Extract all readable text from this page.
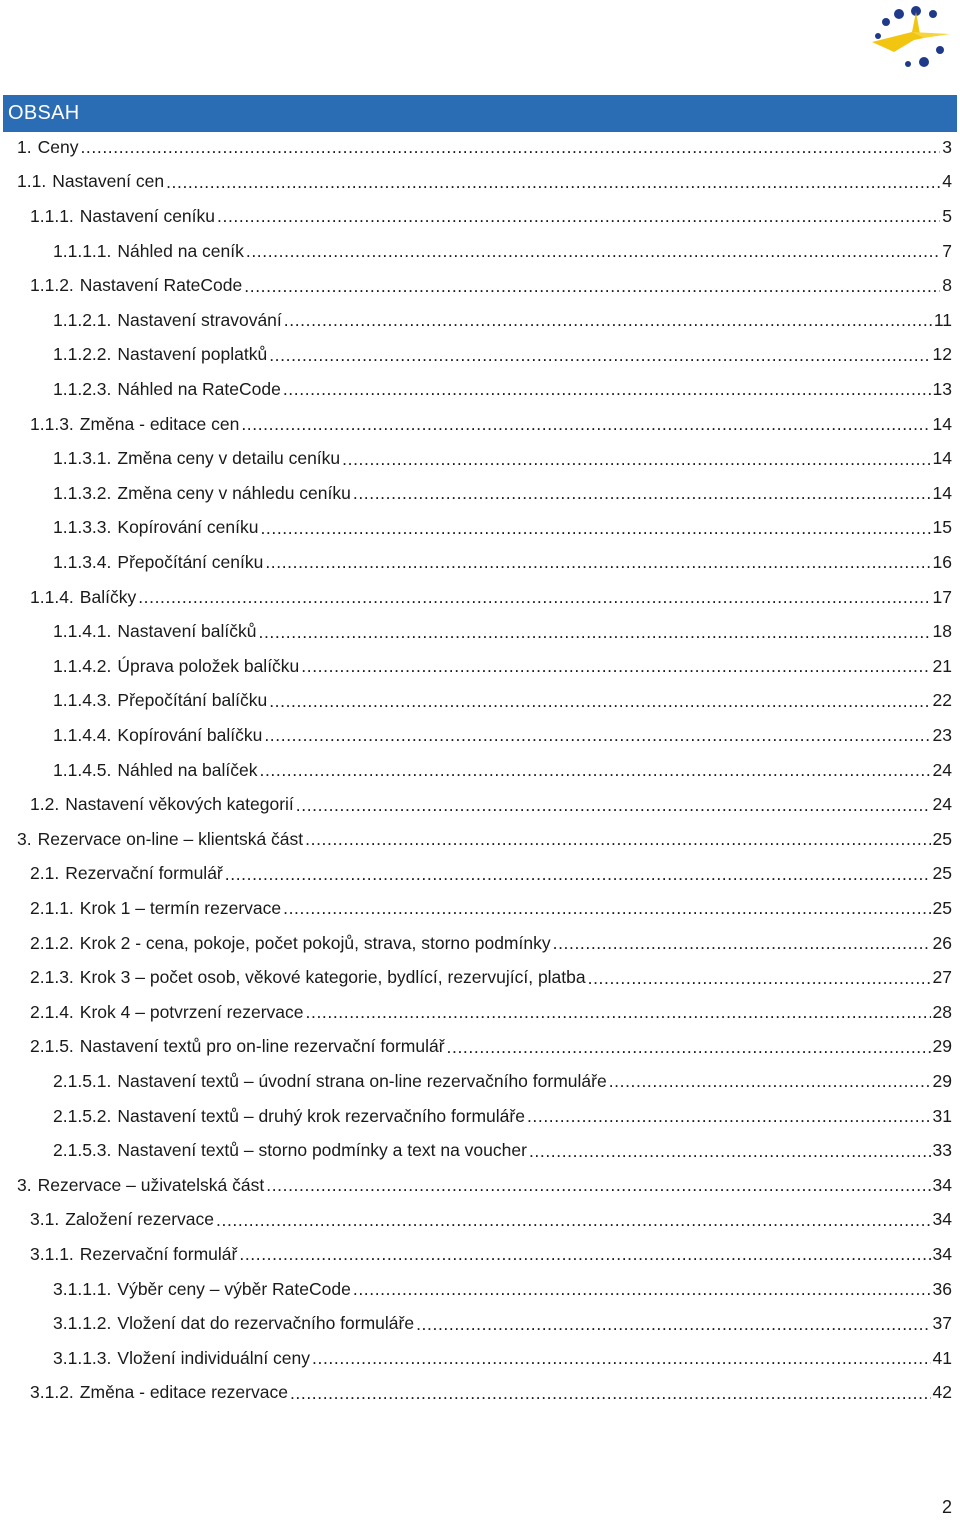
OBSAH
1. Ceny .....	3
1.1. Nastavení cen .....	4
1.1.1. Nastavení ceníku .....	5
1.1.1.1. Náhled na ceník .....	7
1.1.2. Nastavení RateCode .....	8
1.1.2.1. Nastavení stravování .....	11
1.1.2.2. Nastavení poplatků .....	12
1.1.2.3. Náhled na RateCode .....	13
1.1.3. Změna - editace cen .....	14
1.1.3.1. Změna ceny v detailu ceníku .....	14
1.1.3.2. Změna ceny v náhledu ceníku .....	14
1.1.3.3. Kopírování ceníku .....	15
1.1.3.4. Přepočítání ceníku .....	16
1.1.4. Balíčky .....	17
1.1.4.1. Nastavení balíčků .....	18
1.1.4.2. Úprava položek balíčku .....	21
1.1.4.3. Přepočítání balíčku .....	22
1.1.4.4. Kopírování balíčku .....	23
1.1.4.5. Náhled na balíček .....	24
1.2. Nastavení věkových kategorií .....	24
3. Rezervace on-line – klientská část .....	25
2.1. Rezervační formulář .....	25
2.1.1. Krok 1 – termín rezervace .....	25
2.1.2. Krok 2 - cena, pokoje, počet pokojů, strava, storno podmínky .....	26
2.1.3. Krok 3 – počet osob, věkové kategorie, bydlící, rezervující, platba .....	27
2.1.4. Krok 4 – potvrzení rezervace .....	28
2.1.5. Nastavení textů pro on-line rezervační formulář .....	29
2.1.5.1. Nastavení textů – úvodní strana on-line rezervačního formuláře .....	29
2.1.5.2. Nastavení textů – druhý krok rezervačního formuláře .....	31
2.1.5.3. Nastavení textů – storno podmínky a text na voucher .....	33
3. Rezervace – uživatelská část .....	34
3.1. Založení rezervace .....	34
3.1.1. Rezervační formulář .....	34
3.1.1.1. Výběr ceny – výběr RateCode .....	36
3.1.1.2. Vložení dat do rezervačního formuláře .....	37
3.1.1.3. Vložení individuální ceny .....	41
3.1.2. Změna - editace rezervace .....	42
2
